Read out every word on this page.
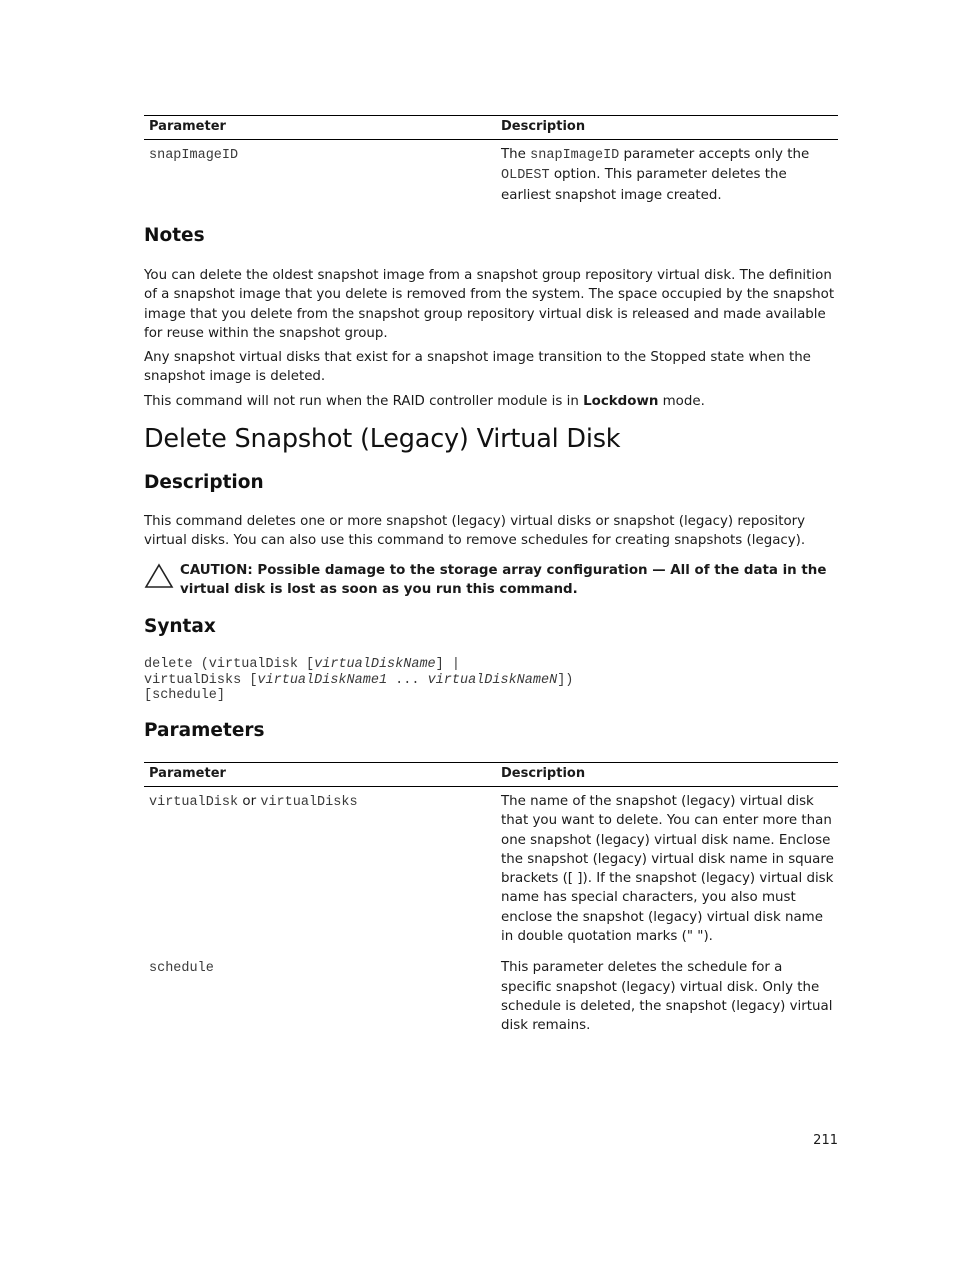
Parameter	Description
snapImageID	The snapImageID parameter accepts only the OLDEST option. This parameter deletes the earliest snapshot image created.
Notes

You can delete the oldest snapshot image from a snapshot group repository virtual disk. The definition of a snapshot image that you delete is removed from the system. The space occupied by the snapshot image that you delete from the snapshot group repository virtual disk is released and made available for reuse within the snapshot group.

Any snapshot virtual disks that exist for a snapshot image transition to the Stopped state when the snapshot image is deleted.

This command will not run when the RAID controller module is in Lockdown mode.

Delete Snapshot (Legacy) Virtual Disk
Description

This command deletes one or more snapshot (legacy) virtual disks or snapshot (legacy) repository virtual disks. You can also use this command to remove schedules for creating snapshots (legacy).

CAUTION: Possible damage to the storage array configuration — All of the data in the virtual disk is lost as soon as you run this command.
Syntax
delete (virtualDisk [virtualDiskName] |
virtualDisks [virtualDiskName1 ... virtualDiskNameN])
[schedule]
Parameters
Parameter	Description
virtualDisk or virtualDisks	The name of the snapshot (legacy) virtual disk that you want to delete. You can enter more than one snapshot (legacy) virtual disk name. Enclose the snapshot (legacy) virtual disk name in square brackets ([ ]). If the snapshot (legacy) virtual disk name has special characters, you also must enclose the snapshot (legacy) virtual disk name in double quotation marks (" ").
schedule	This parameter deletes the schedule for a specific snapshot (legacy) virtual disk. Only the schedule is deleted, the snapshot (legacy) virtual disk remains.
211
